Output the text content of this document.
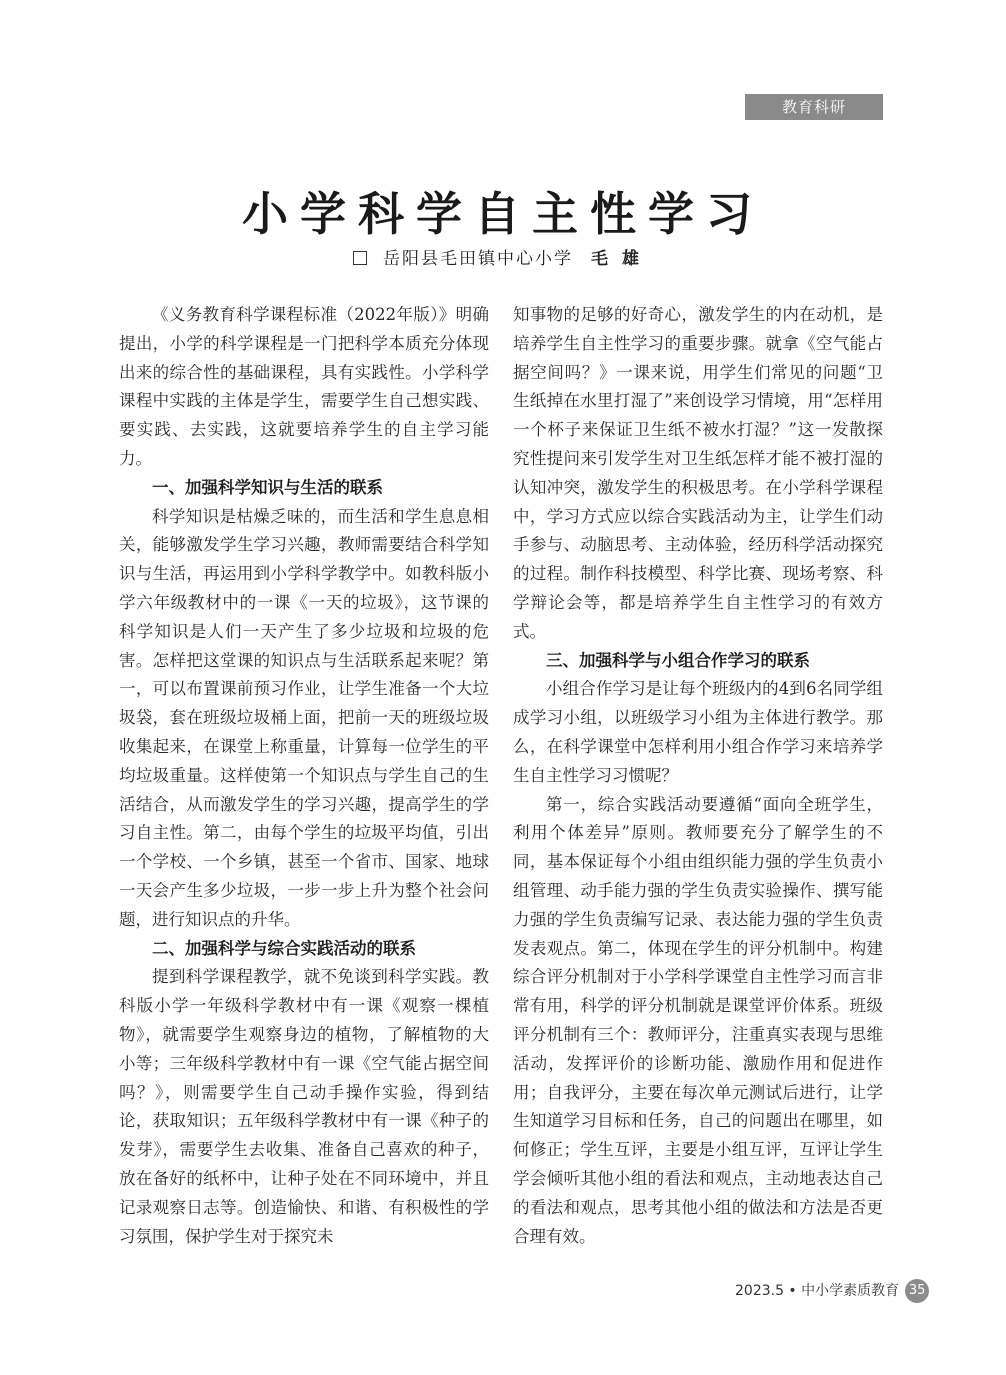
教育科研
小学科学自主性学习
岳阳县毛田镇中心小学 毛雄

《义务教育科学课程标准（2022年版）》明确提出，小学的科学课程是一门把科学本质充分体现出来的综合性的基础课程，具有实践性。小学科学课程中实践的主体是学生，需要学生自己想实践、要实践、去实践，这就要培养学生的自主学习能力。

一、加强科学知识与生活的联系

科学知识是枯燥乏味的，而生活和学生息息相关，能够激发学生学习兴趣，教师需要结合科学知识与生活，再运用到小学科学教学中。如教科版小学六年级教材中的一课《一天的垃圾》，这节课的科学知识是人们一天产生了多少垃圾和垃圾的危害。怎样把这堂课的知识点与生活联系起来呢？第一，可以布置课前预习作业，让学生准备一个大垃圾袋，套在班级垃圾桶上面，把前一天的班级垃圾收集起来，在课堂上称重量，计算每一位学生的平均垃圾重量。这样使第一个知识点与学生自己的生活结合，从而激发学生的学习兴趣，提高学生的学习自主性。第二，由每个学生的垃圾平均值，引出一个学校、一个乡镇，甚至一个省市、国家、地球一天会产生多少垃圾，一步一步上升为整个社会问题，进行知识点的升华。

二、加强科学与综合实践活动的联系

提到科学课程教学，就不免谈到科学实践。教科版小学一年级科学教材中有一课《观察一棵植物》，就需要学生观察身边的植物，了解植物的大小等；三年级科学教材中有一课《空气能占据空间吗？》，则需要学生自己动手操作实验，得到结论，获取知识；五年级科学教材中有一课《种子的发芽》，需要学生去收集、准备自己喜欢的种子，放在备好的纸杯中，让种子处在不同环境中，并且记录观察日志等。创造愉快、和谐、有积极性的学习氛围，保护学生对于探究未

知事物的足够的好奇心，激发学生的内在动机，是培养学生自主性学习的重要步骤。就拿《空气能占据空间吗？》一课来说，用学生们常见的问题“卫生纸掉在水里打湿了”来创设学习情境，用“怎样用一个杯子来保证卫生纸不被水打湿？”这一发散探究性提问来引发学生对卫生纸怎样才能不被打湿的认知冲突，激发学生的积极思考。在小学科学课程中，学习方式应以综合实践活动为主，让学生们动手参与、动脑思考、主动体验，经历科学活动探究的过程。制作科技模型、科学比赛、现场考察、科学辩论会等，都是培养学生自主性学习的有效方式。

三、加强科学与小组合作学习的联系

小组合作学习是让每个班级内的4到6名同学组成学习小组，以班级学习小组为主体进行教学。那么，在科学课堂中怎样利用小组合作学习来培养学生自主性学习习惯呢？

第一，综合实践活动要遵循“面向全班学生，利用个体差异”原则。教师要充分了解学生的不同，基本保证每个小组由组织能力强的学生负责小组管理、动手能力强的学生负责实验操作、撰写能力强的学生负责编写记录、表达能力强的学生负责发表观点。第二，体现在学生的评分机制中。构建综合评分机制对于小学科学课堂自主性学习而言非常有用，科学的评分机制就是课堂评价体系。班级评分机制有三个：教师评分，注重真实表现与思维活动，发挥评价的诊断功能、激励作用和促进作用；自我评分，主要在每次单元测试后进行，让学生知道学习目标和任务，自己的问题出在哪里，如何修正；学生互评，主要是小组互评，互评让学生学会倾听其他小组的看法和观点，主动地表达自己的看法和观点，思考其他小组的做法和方法是否更合理有效。

2023.5 • 中小学素质教育 35
